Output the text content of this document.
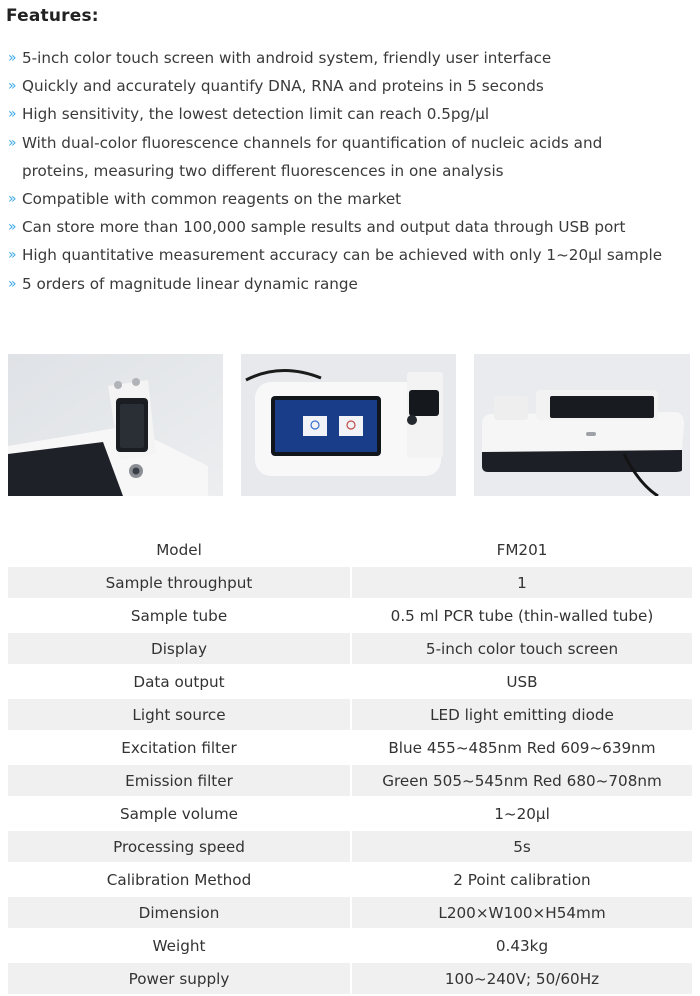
Features:
» 5-inch color touch screen with android system, friendly user interface
» Quickly and accurately quantify DNA, RNA and proteins in 5 seconds
» High sensitivity, the lowest detection limit can reach 0.5pg/μl
» With dual-color fluorescence channels for quantification of nucleic acids and
proteins, measuring two different fluorescences in one analysis
» Compatible with common reagents on the market
» Can store more than 100,000 sample results and output data through USB port
» High quantitative measurement accuracy can be achieved with only 1~20μl sample
» 5 orders of magnitude linear dynamic range
Model	FM201
Sample throughput	1
Sample tube	0.5 ml PCR tube (thin-walled tube)
Display	5-inch color touch screen
Data output	USB
Light source	LED light emitting diode
Excitation filter	Blue 455~485nm Red 609~639nm
Emission filter	Green 505~545nm Red 680~708nm
Sample volume	1~20μl
Processing speed	5s
Calibration Method	2 Point calibration
Dimension	L200×W100×H54mm
Weight	0.43kg
Power supply	100~240V; 50/60Hz
